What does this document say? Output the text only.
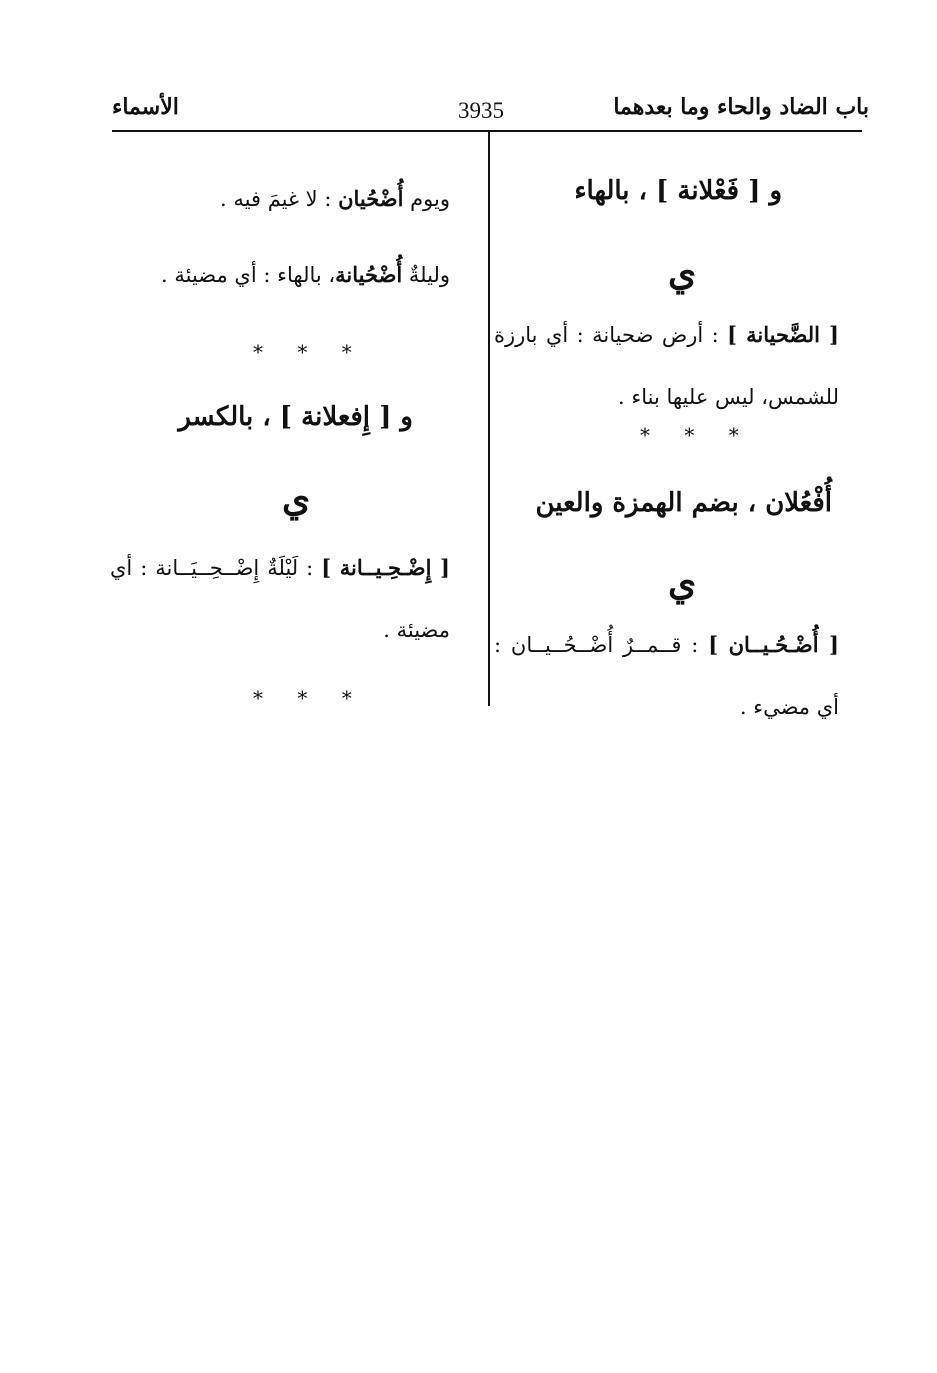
باب الضاد والحاء وما بعدهما
3935
الأسماء
و [ فَعْلانة ] ، بالهاء
ي
[ الضَّحيانة ] : أرض ضحيانة : أي بارزة للشمس، ليس عليها بناء .
* * *
أُفْعُلان ، بضم الهمزة والعين
ي
[ أُضْـحُـيــان ] : قــمــرٌ أُضْــحُــيــان : أي مضيء .
ويوم أُضْحُيان : لا غيمَ فيه .
وليلةٌ أُضْحُيانة، بالهاء : أي مضيئة .
* * *
و [ إِفعلانة ] ، بالكسر
ي
[ إِضْـحِـيــانة ] : لَيْلَةٌ إِضْــحِــيَــانة : أي مضيئة .
* * *
